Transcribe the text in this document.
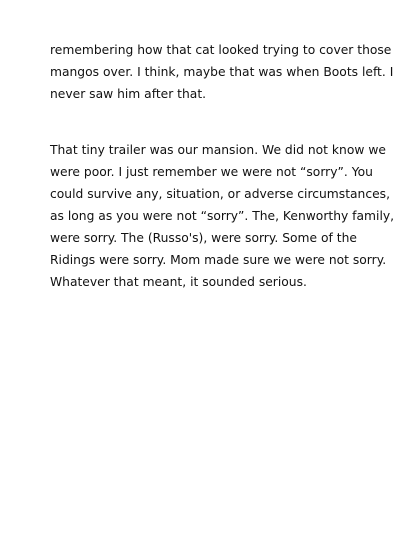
remembering how that cat looked trying to cover those
mangos over. I think, maybe that was when Boots left. I
never saw him after that.

That tiny trailer was our mansion. We did not know we
were poor. I just remember we were not “sorry”. You
could survive any, situation, or adverse circumstances,
as long as you were not “sorry”. The, Kenworthy family,
were sorry. The (Russo's), were sorry. Some of the
Ridings were sorry. Mom made sure we were not sorry.
Whatever that meant, it sounded serious.
